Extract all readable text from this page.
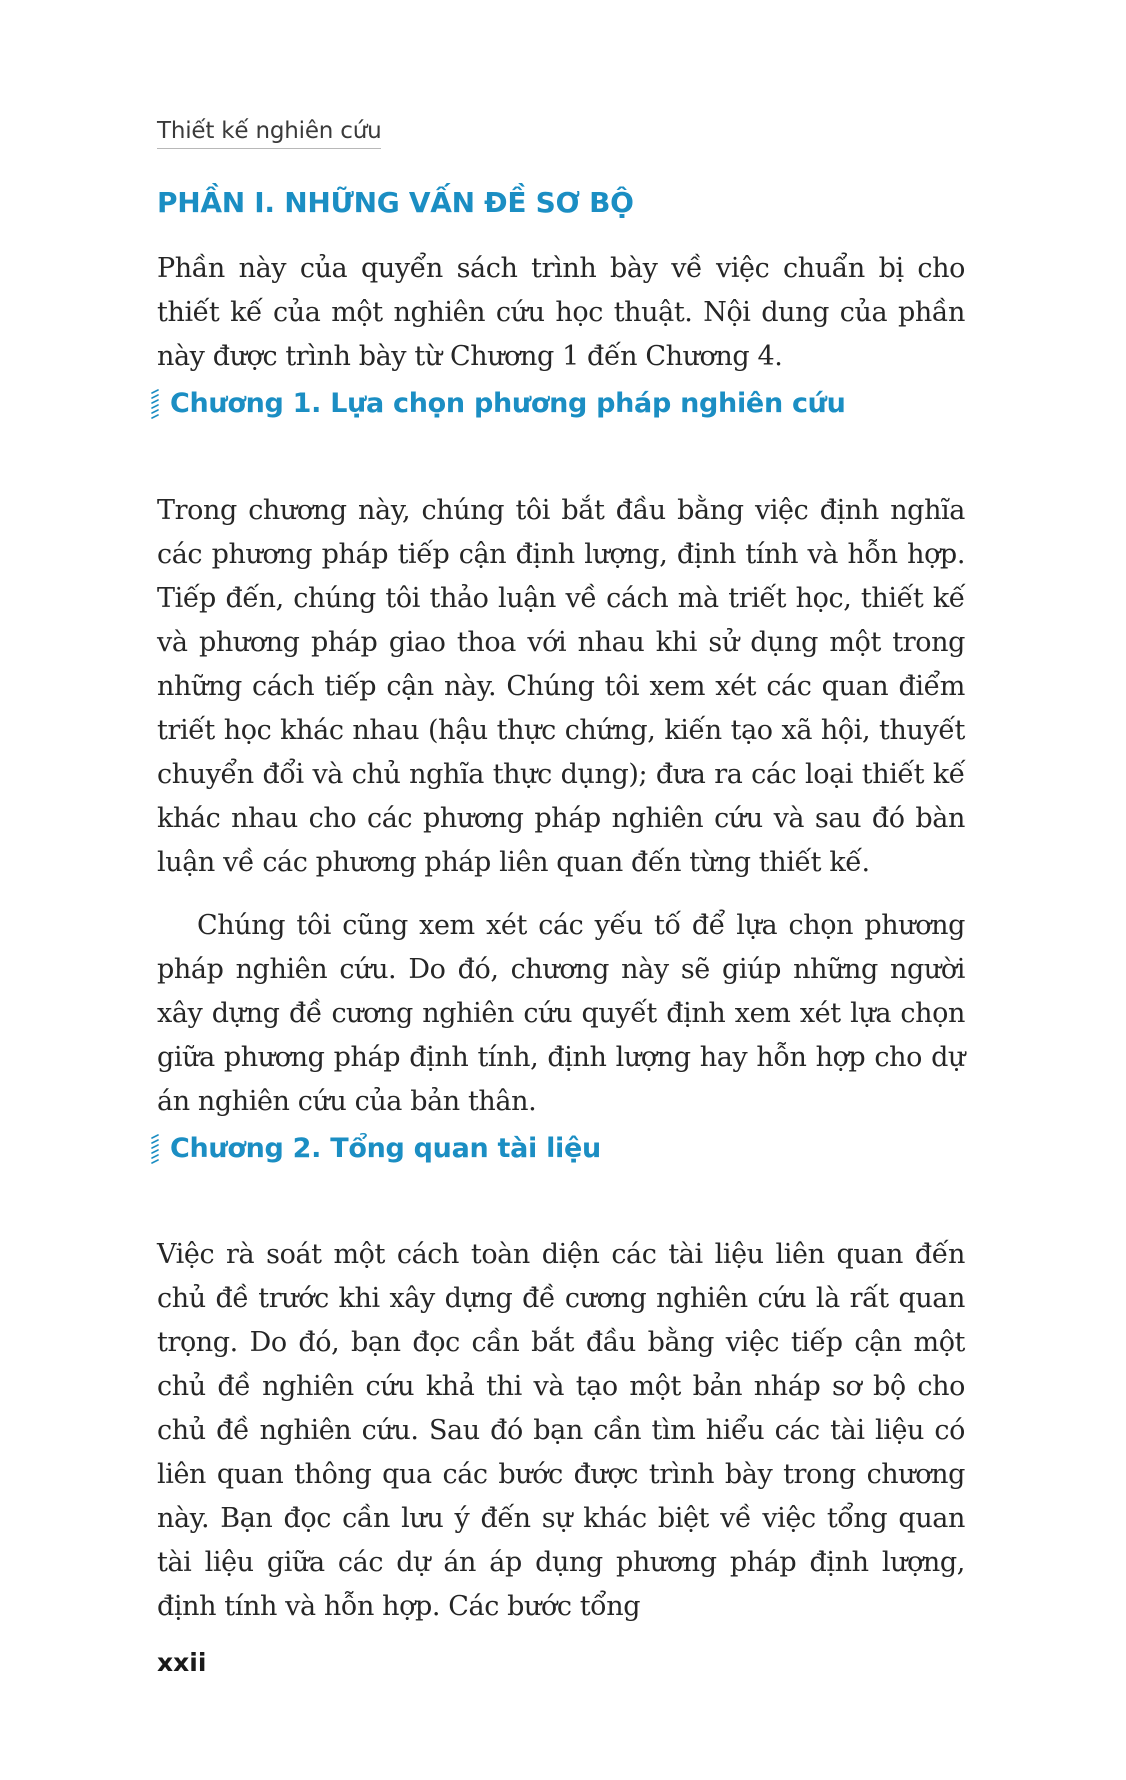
Thiết kế nghiên cứu
PHẦN I. NHỮNG VẤN ĐỀ SƠ BỘ

Phần này của quyển sách trình bày về việc chuẩn bị cho thiết kế của một nghiên cứu học thuật. Nội dung của phần này được trình bày từ Chương 1 đến Chương 4.

Chương 1. Lựa chọn phương pháp nghiên cứu

Trong chương này, chúng tôi bắt đầu bằng việc định nghĩa các phương pháp tiếp cận định lượng, định tính và hỗn hợp. Tiếp đến, chúng tôi thảo luận về cách mà triết học, thiết kế và phương pháp giao thoa với nhau khi sử dụng một trong những cách tiếp cận này. Chúng tôi xem xét các quan điểm triết học khác nhau (hậu thực chứng, kiến tạo xã hội, thuyết chuyển đổi và chủ nghĩa thực dụng); đưa ra các loại thiết kế khác nhau cho các phương pháp nghiên cứu và sau đó bàn luận về các phương pháp liên quan đến từng thiết kế.

Chúng tôi cũng xem xét các yếu tố để lựa chọn phương pháp nghiên cứu. Do đó, chương này sẽ giúp những người xây dựng đề cương nghiên cứu quyết định xem xét lựa chọn giữa phương pháp định tính, định lượng hay hỗn hợp cho dự án nghiên cứu của bản thân.

Chương 2. Tổng quan tài liệu

Việc rà soát một cách toàn diện các tài liệu liên quan đến chủ đề trước khi xây dựng đề cương nghiên cứu là rất quan trọng. Do đó, bạn đọc cần bắt đầu bằng việc tiếp cận một chủ đề nghiên cứu khả thi và tạo một bản nháp sơ bộ cho chủ đề nghiên cứu. Sau đó bạn cần tìm hiểu các tài liệu có liên quan thông qua các bước được trình bày trong chương này. Bạn đọc cần lưu ý đến sự khác biệt về việc tổng quan tài liệu giữa các dự án áp dụng phương pháp định lượng, định tính và hỗn hợp. Các bước tổng

xxii
